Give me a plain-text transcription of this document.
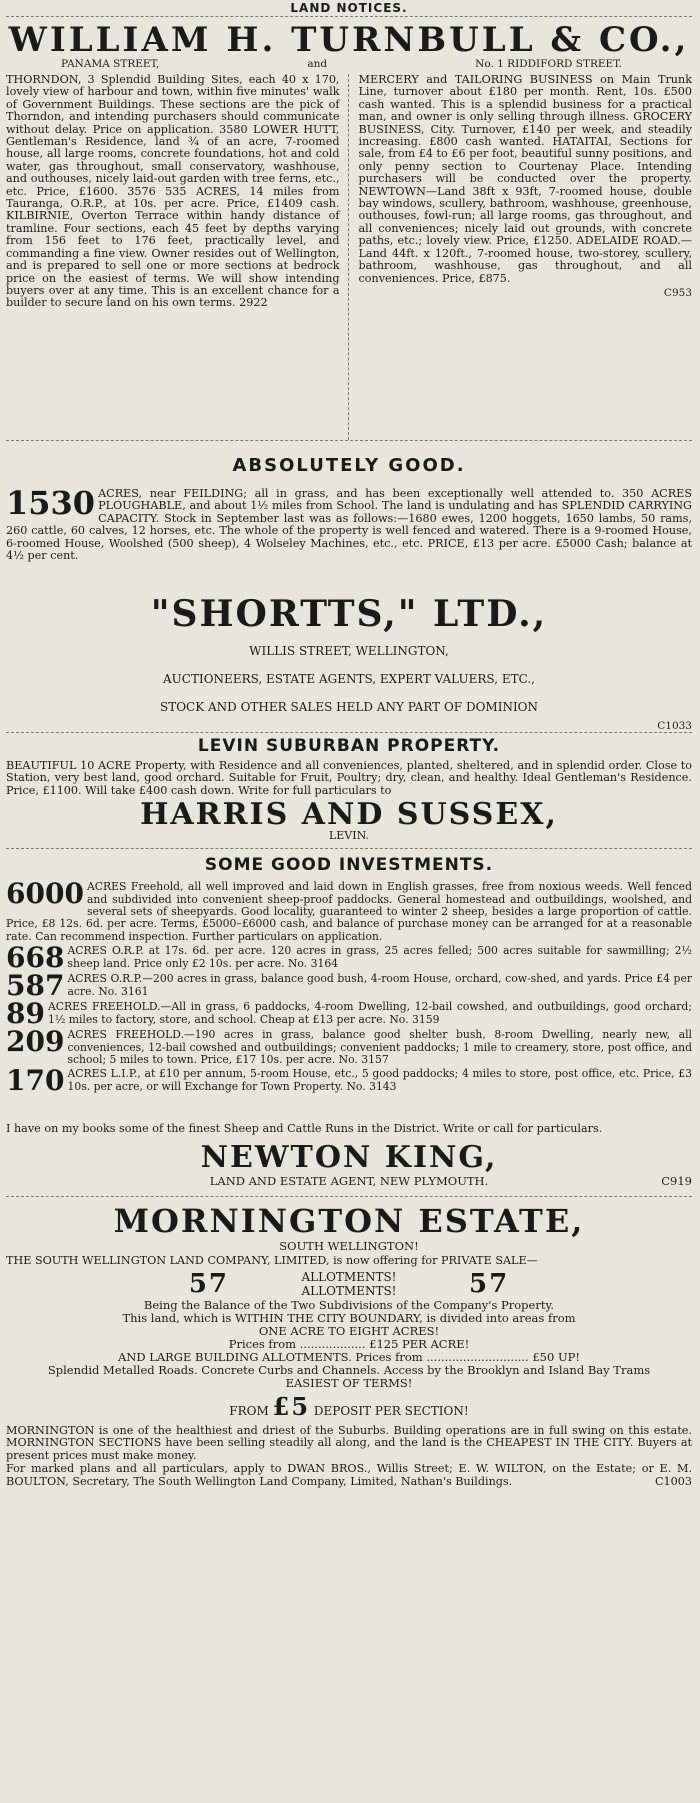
LAND NOTICES.
WILLIAM H. TURNBULL & CO.,
PANAMA STREET,	and	No. 1 RIDDIFORD STREET.
THORNDON, 3 Splendid Building Sites, each 40 x 170, lovely view of harbour and town, within five minutes' walk of Government Buildings. These sections are the pick of Thorndon, and intending purchasers should communicate without delay. Price on application. 3580 LOWER HUTT, Gentleman's Residence, land ¾ of an acre, 7-roomed house, all large rooms, concrete foundations, hot and cold water, gas throughout, small conservatory, washhouse, and outhouses, nicely laid-out garden with tree ferns, etc., etc. Price, £1600. 3576 535 ACRES, 14 miles from Tauranga, O.R.P., at 10s. per acre. Price, £1409 cash. KILBIRNIE, Overton Terrace within handy distance of tramline. Four sections, each 45 feet by depths varying from 156 feet to 176 feet, practically level, and commanding a fine view. Owner resides out of Wellington, and is prepared to sell one or more sections at bedrock price on the easiest of terms. We will show intending buyers over at any time. This is an excellent chance for a builder to secure land on his own terms. 2922
MERCERY and TAILORING BUSINESS on Main Trunk Line, turnover about £180 per month. Rent, 10s. £500 cash wanted. This is a splendid business for a practical man, and owner is only selling through illness. GROCERY BUSINESS, City. Turnover, £140 per week, and steadily increasing. £800 cash wanted. HATAITAI, Sections for sale, from £4 to £6 per foot, beautiful sunny positions, and only penny section to Courtenay Place. Intending purchasers will be conducted over the property. NEWTOWN—Land 38ft x 93ft, 7-roomed house, double bay windows, scullery, bathroom, washhouse, greenhouse, outhouses, fowl-run; all large rooms, gas throughout, and all conveniences; nicely laid out grounds, with concrete paths, etc.; lovely view. Price, £1250. ADELAIDE ROAD.—Land 44ft. x 120ft., 7-roomed house, two-storey, scullery, bathroom, washhouse, gas throughout, and all conveniences. Price, £875.
C953
ABSOLUTELY GOOD.
1530 ACRES, near FEILDING; all in grass, and has been exceptionally well attended to. 350 ACRES PLOUGHABLE, and about 1½ miles from School. The land is undulating and has SPLENDID CARRYING CAPACITY. Stock in September last was as follows:—1680 ewes, 1200 hoggets, 1650 lambs, 50 rams, 260 cattle, 60 calves, 12 horses, etc. The whole of the property is well fenced and watered. There is a 9-roomed House, 6-roomed House, Woolshed (500 sheep), 4 Wolseley Machines, etc., etc. PRICE, £13 per acre. £5000 Cash; balance at 4½ per cent.
"SHORTTS," LTD.,
WILLIS STREET, WELLINGTON,
AUCTIONEERS, ESTATE AGENTS, EXPERT VALUERS, ETC.,
STOCK AND OTHER SALES HELD ANY PART OF DOMINION
C1033
LEVIN SUBURBAN PROPERTY.
BEAUTIFUL 10 ACRE Property, with Residence and all conveniences, planted, sheltered, and in splendid order. Close to Station, very best land, good orchard. Suitable for Fruit, Poultry; dry, clean, and healthy. Ideal Gentleman's Residence. Price, £1100. Will take £400 cash down. Write for full particulars to
HARRIS AND SUSSEX,
LEVIN.
SOME GOOD INVESTMENTS.

6000 ACRES Freehold, all well improved and laid down in English grasses, free from noxious weeds. Well fenced and subdivided into convenient sheep-proof paddocks. General homestead and outbuildings, woolshed, and several sets of sheepyards. Good locality, guaranteed to winter 2 sheep, besides a large proportion of cattle. Price, £8 12s. 6d. per acre. Terms, £5000–£6000 cash, and balance of purchase money can be arranged for at a reasonable rate. Can recommend inspection. Further particulars on application.

668 ACRES O.R.P. at 17s. 6d. per acre. 120 acres in grass, 25 acres felled; 500 acres suitable for sawmilling; 2½ sheep land. Price only £2 10s. per acre. No. 3164

587 ACRES O.R.P.—200 acres in grass, balance good bush, 4-room House, orchard, cow-shed, and yards. Price £4 per acre. No. 3161

89 ACRES FREEHOLD.—All in grass, 6 paddocks, 4-room Dwelling, 12-bail cowshed, and outbuildings, good orchard; 1½ miles to factory, store, and school. Cheap at £13 per acre. No. 3159

209 ACRES FREEHOLD.—190 acres in grass, balance good shelter bush, 8-room Dwelling, nearly new, all conveniences, 12-bail cowshed and outbuildings; convenient paddocks; 1 mile to creamery, store, post office, and school; 5 miles to town. Price, £17 10s. per acre. No. 3157

170 ACRES L.I.P., at £10 per annum, 5-room House, etc., 5 good paddocks; 4 miles to store, post office, etc. Price, £3 10s. per acre, or will Exchange for Town Property. No. 3143

I have on my books some of the finest Sheep and Cattle Runs in the District. Write or call for particulars.
NEWTON KING,
LAND AND ESTATE AGENT, NEW PLYMOUTH.	C919
MORNINGTON ESTATE,
SOUTH WELLINGTON!
THE SOUTH WELLINGTON LAND COMPANY, LIMITED, is now offering for PRIVATE SALE—
57	ALLOTMENTS! ALLOTMENTS!	57
Being the Balance of the Two Subdivisions of the Company's Property.
This land, which is WITHIN THE CITY BOUNDARY, is divided into areas from
ONE ACRE TO EIGHT ACRES!
Prices from .................. £125 PER ACRE!
AND LARGE BUILDING ALLOTMENTS. Prices from ............................ £50 UP!
Splendid Metalled Roads. Concrete Curbs and Channels. Access by the Brooklyn and Island Bay Trams
EASIEST OF TERMS!
FROM £5 DEPOSIT PER SECTION!
MORNINGTON is one of the healthiest and driest of the Suburbs. Building operations are in full swing on this estate. MORNINGTON SECTIONS have been selling steadily all along, and the land is the CHEAPEST IN THE CITY. Buyers at present prices must make money.
For marked plans and all particulars, apply to DWAN BROS., Willis Street; E. W. WILTON, on the Estate; or E. M. BOULTON, Secretary, The South Wellington Land Company, Limited, Nathan's Buildings.	C1003
